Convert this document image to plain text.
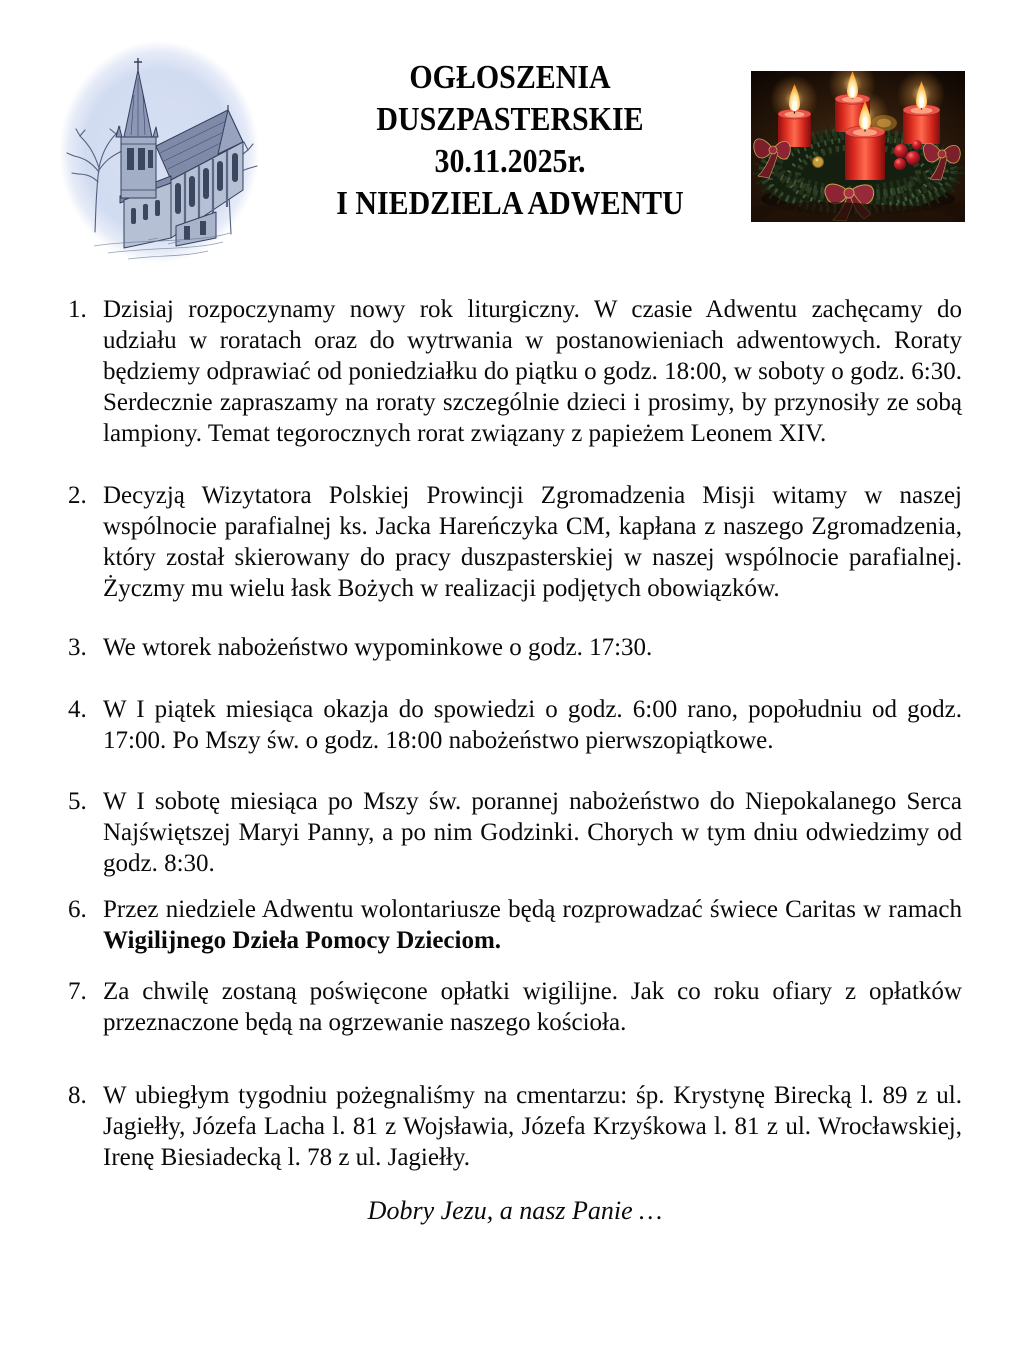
OGŁOSZENIA
DUSZPASTERSKIE
30.11.2025r.
I NIEDZIELA ADWENTU
1. Dzisiaj rozpoczynamy nowy rok liturgiczny. W czasie Adwentu zachęcamy do udziału w roratach oraz do wytrwania w postanowieniach adwentowych. Roraty będziemy odprawiać od poniedziałku do piątku o godz. 18:00, w soboty o godz. 6:30. Serdecznie zapraszamy na roraty szczególnie dzieci i prosimy, by przynosiły ze sobą lampiony. Temat tegorocznych rorat związany z papieżem Leonem XIV.

2. Decyzją Wizytatora Polskiej Prowincji Zgromadzenia Misji witamy w naszej wspólnocie parafialnej ks. Jacka Hareńczyka CM, kapłana z naszego Zgromadzenia, który został skierowany do pracy duszpasterskiej w naszej wspólnocie parafialnej. Życzmy mu wielu łask Bożych w realizacji podjętych obowiązków.

3. We wtorek nabożeństwo wypominkowe o godz. 17:30.

4. W I piątek miesiąca okazja do spowiedzi o godz. 6:00 rano, popołudniu od godz. 17:00. Po Mszy św. o godz. 18:00 nabożeństwo pierwszopiątkowe.

5. W I sobotę miesiąca po Mszy św. porannej nabożeństwo do Niepokalanego Serca Najświętszej Maryi Panny, a po nim Godzinki. Chorych w tym dniu odwiedzimy od godz. 8:30.

6. Przez niedziele Adwentu wolontariusze będą rozprowadzać świece Caritas w ramach Wigilijnego Dzieła Pomocy Dzieciom.

7. Za chwilę zostaną poświęcone opłatki wigilijne. Jak co roku ofiary z opłatków przeznaczone będą na ogrzewanie naszego kościoła.

8. W ubiegłym tygodniu pożegnaliśmy na cmentarzu: śp. Krystynę Birecką l. 89 z ul. Jagiełły, Józefa Lacha l. 81 z Wojsławia, Józefa Krzyśkowa l. 81 z ul. Wrocławskiej, Irenę Biesiadecką l. 78 z ul. Jagiełły.

Dobry Jezu, a nasz Panie …
